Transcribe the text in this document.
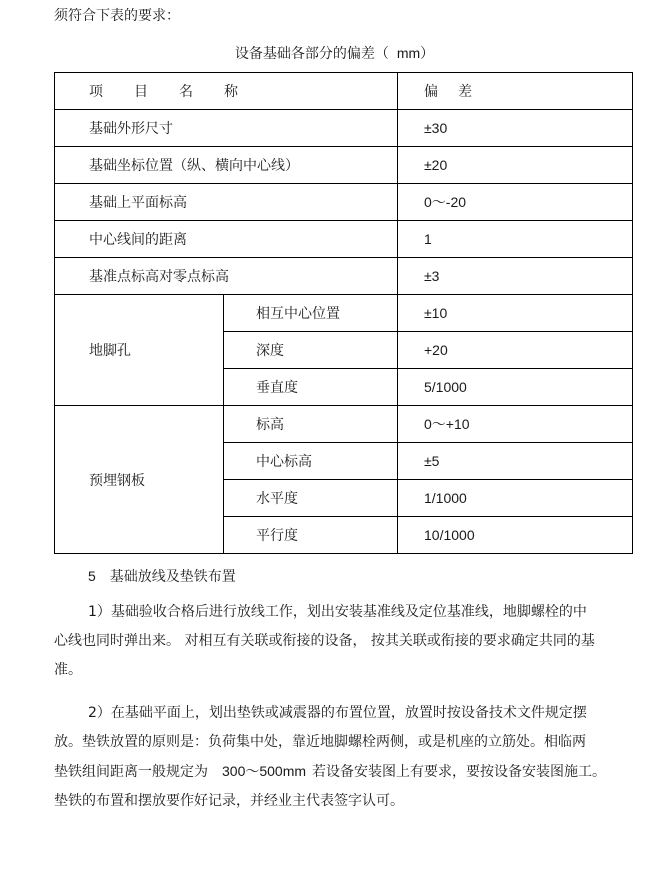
须符合下表的要求：
设备基础各部分的偏差（ mm）
项 目 名 称		偏 差
基础外形尺寸		±30
基础坐标位置（纵、横向中心线）		±20
基础上平面标高		0～-20
中心线间的距离		1
基准点标高对零点标高		±3
地脚孔	相互中心位置	±10
	深度	+20
	垂直度	5/1000
预埋钢板	标高	0～+10
	中心标高	±5
	水平度	1/1000
	平行度	10/1000
5 基础放线及垫铁布置
1）基础验收合格后进行放线工作，划出安装基准线及定位基准线，地脚螺栓的中
心线也同时弹出来。 对相互有关联或衔接的设备， 按其关联或衔接的要求确定共同的基
准。
2）在基础平面上，划出垫铁或减震器的布置位置，放置时按设备技术文件规定摆
放。垫铁放置的原则是：负荷集中处，靠近地脚螺栓两侧，或是机座的立筋处。相临两
垫铁组间距离一般规定为 300～500mm 若设备安装图上有要求，要按设备安装图施工。
垫铁的布置和摆放要作好记录，并经业主代表签字认可。
